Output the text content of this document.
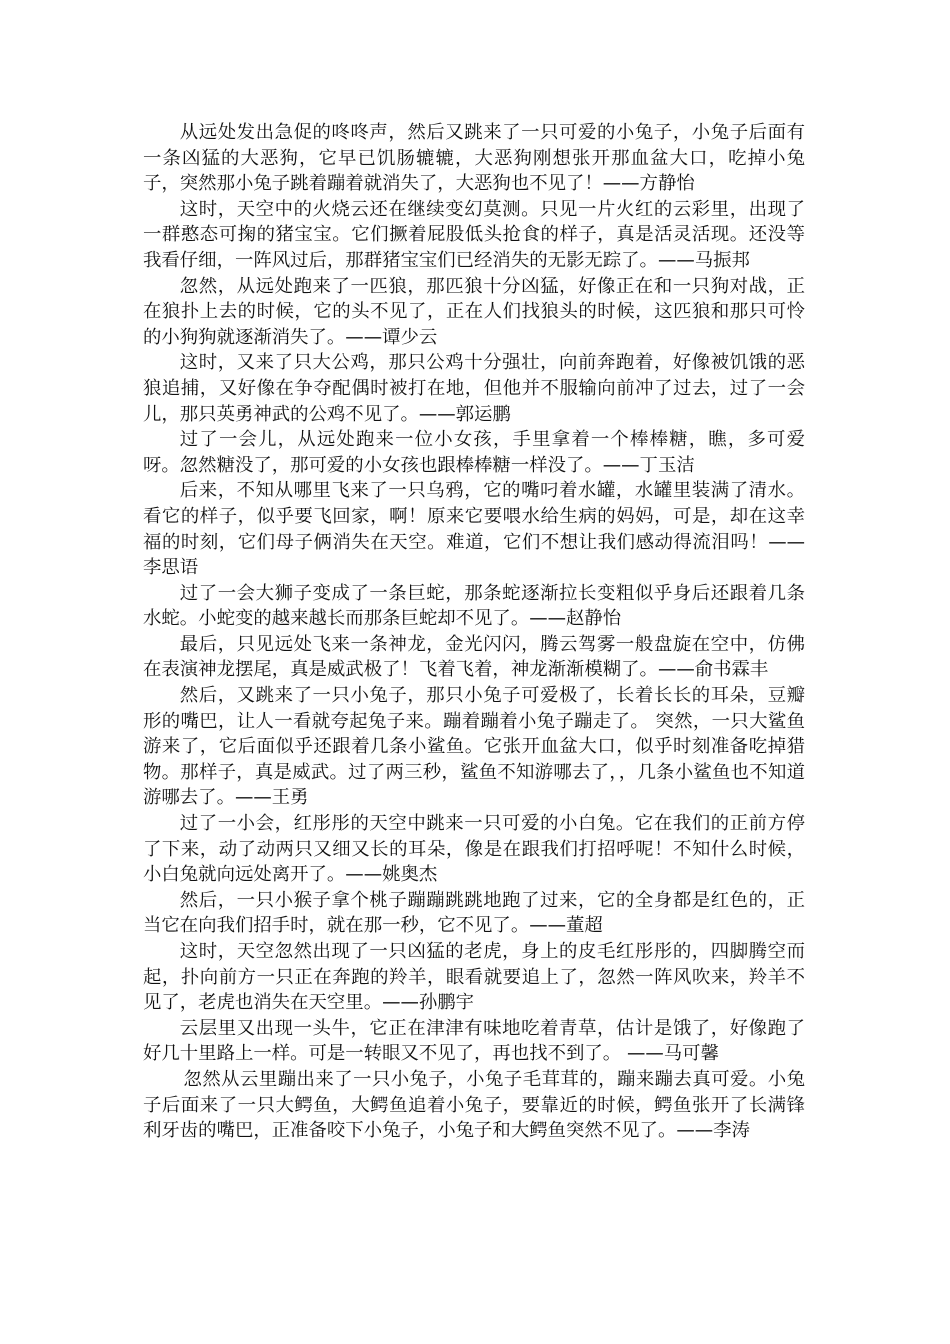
从远处发出急促的咚咚声，然后又跳来了一只可爱的小兔子，小兔子后面有一条凶猛的大恶狗，它早已饥肠辘辘，大恶狗刚想张开那血盆大口，吃掉小兔子，突然那小兔子跳着蹦着就消失了，大恶狗也不见了！——方静怡

这时，天空中的火烧云还在继续变幻莫测。只见一片火红的云彩里，出现了一群憨态可掬的猪宝宝。它们撅着屁股低头抢食的样子，真是活灵活现。还没等我看仔细，一阵风过后，那群猪宝宝们已经消失的无影无踪了。——马振邦

忽然，从远处跑来了一匹狼，那匹狼十分凶猛，好像正在和一只狗对战，正在狼扑上去的时候，它的头不见了，正在人们找狼头的时候，这匹狼和那只可怜的小狗狗就逐渐消失了。——谭少云

这时，又来了只大公鸡，那只公鸡十分强壮，向前奔跑着，好像被饥饿的恶狼追捕，又好像在争夺配偶时被打在地，但他并不服输向前冲了过去，过了一会儿，那只英勇神武的公鸡不见了。——郭运鹏

过了一会儿，从远处跑来一位小女孩，手里拿着一个棒棒糖，瞧，多可爱呀。忽然糖没了，那可爱的小女孩也跟棒棒糖一样没了。——丁玉洁

后来，不知从哪里飞来了一只乌鸦，它的嘴叼着水罐，水罐里装满了清水。看它的样子，似乎要飞回家，啊！原来它要喂水给生病的妈妈，可是，却在这幸福的时刻，它们母子俩消失在天空。难道，它们不想让我们感动得流泪吗！——李思语

过了一会大狮子变成了一条巨蛇，那条蛇逐渐拉长变粗似乎身后还跟着几条水蛇。小蛇变的越来越长而那条巨蛇却不见了。——赵静怡

最后，只见远处飞来一条神龙，金光闪闪，腾云驾雾一般盘旋在空中，仿佛在表演神龙摆尾，真是威武极了！飞着飞着，神龙渐渐模糊了。——俞书霖丰

然后，又跳来了一只小兔子，那只小兔子可爱极了，长着长长的耳朵，豆瓣形的嘴巴，让人一看就夸起兔子来。蹦着蹦着小兔子蹦走了。 突然，一只大鲨鱼游来了，它后面似乎还跟着几条小鲨鱼。它张开血盆大口，似乎时刻准备吃掉猎物。那样子，真是威武。过了两三秒，鲨鱼不知游哪去了，，几条小鲨鱼也不知道游哪去了。——王勇

过了一小会，红彤彤的天空中跳来一只可爱的小白兔。它在我们的正前方停了下来，动了动两只又细又长的耳朵，像是在跟我们打招呼呢！不知什么时候，小白兔就向远处离开了。——姚奥杰

然后，一只小猴子拿个桃子蹦蹦跳跳地跑了过来，它的全身都是红色的，正当它在向我们招手时，就在那一秒，它不见了。——董超

这时，天空忽然出现了一只凶猛的老虎，身上的皮毛红彤彤的，四脚腾空而起，扑向前方一只正在奔跑的羚羊，眼看就要追上了，忽然一阵风吹来，羚羊不见了，老虎也消失在天空里。——孙鹏宇

云层里又出现一头牛，它正在津津有味地吃着青草，估计是饿了，好像跑了好几十里路上一样。可是一转眼又不见了，再也找不到了。 ——马可馨

忽然从云里蹦出来了一只小兔子，小兔子毛茸茸的，蹦来蹦去真可爱。小兔子后面来了一只大鳄鱼，大鳄鱼追着小兔子，要靠近的时候，鳄鱼张开了长满锋利牙齿的嘴巴，正准备咬下小兔子，小兔子和大鳄鱼突然不见了。——李涛
